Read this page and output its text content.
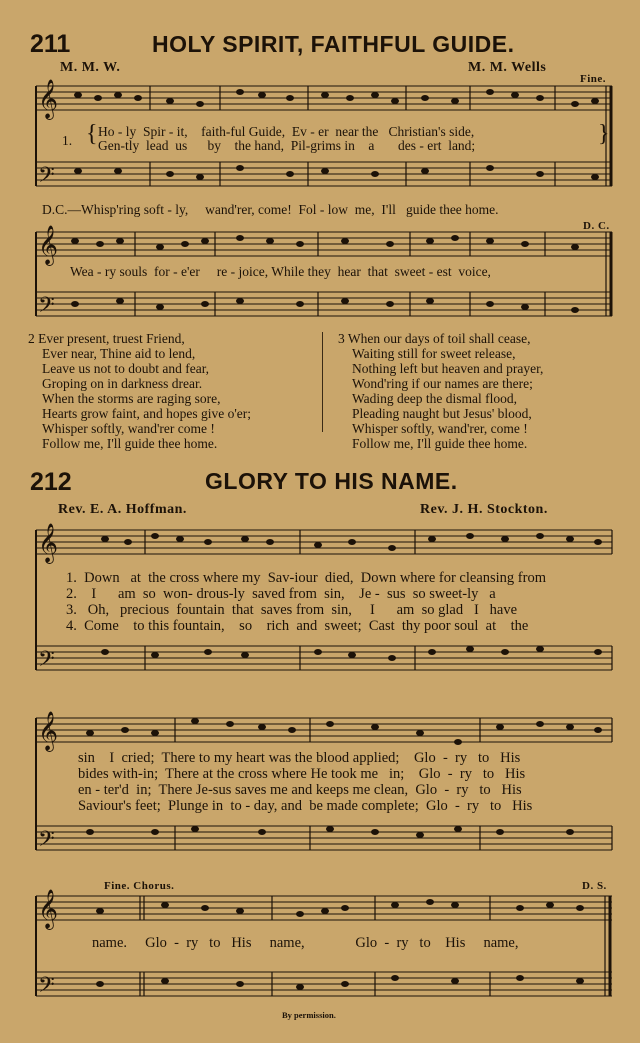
211	HOLY SPIRIT, FAITHFUL GUIDE.
M. M. W.	M. M. Wells
Fine.
D. C.
𝄞
𝄢
𝄞
𝄢
1. { Ho - ly  Spir - it,    faith-ful Guide,  Ev - er  near the   Christian's side,
Gen-tly  lead  us      by    the hand,  Pil-grims in    a       des - ert  land;	}
D.C.—Whisp'ring soft - ly,     wand'rer, come!  Fol - low  me,  I'll   guide thee home.
Wea - ry souls  for - e'er     re - joice, While they  hear  that  sweet - est  voice,
2 Ever present, truest Friend,
Ever near, Thine aid to lend,
Leave us not to doubt and fear,
Groping on in darkness drear.
When the storms are raging sore,
Hearts grow faint, and hopes give o'er;
Whisper softly, wand'rer come !
Follow me, I'll guide thee home.
3 When our days of toil shall cease,
Waiting still for sweet release,
Nothing left but heaven and prayer,
Wond'ring if our names are there;
Wading deep the dismal flood,
Pleading naught but Jesus' blood,
Whisper softly, wand'rer, come !
Follow me, I'll guide thee home.
212	GLORY TO HIS NAME.
Rev. E. A. Hoffman.	Rev. J. H. Stockton.
Fine. Chorus.	D. S.
𝄞
𝄢
𝄞
𝄢
𝄞
𝄢
1.  Down   at  the cross where my  Sav-iour  died,  Down where for cleansing from
2.    I      am  so  won- drous-ly  saved from  sin,    Je -  sus  so sweet-ly   a
3.   Oh,   precious  fountain  that  saves from  sin,     I      am  so glad   I   have
4.  Come    to this fountain,    so    rich  and  sweet;  Cast  thy poor soul  at    the
sin    I  cried;  There to my heart was the blood applied;    Glo  -  ry   to   His
bides with-in;  There at the cross where He took me   in;    Glo  -  ry   to   His
en - ter'd  in;  There Je-sus saves me and keeps me clean,  Glo  -  ry   to   His
Saviour's feet;  Plunge in  to - day, and  be made complete;  Glo  -  ry   to   His
name.     Glo  -  ry   to   His     name,              Glo  -  ry   to    His     name,
By permission.
